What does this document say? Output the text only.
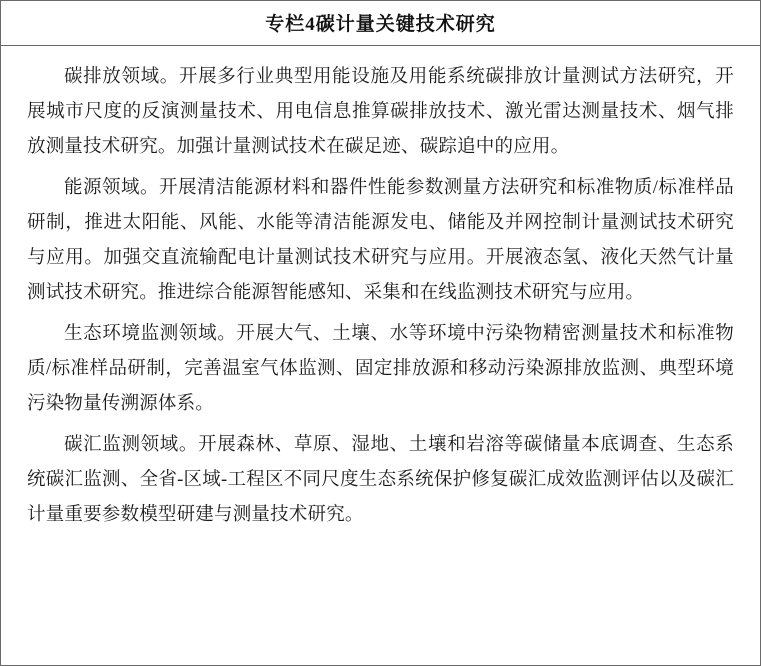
专栏4碳计量关键技术研究

碳排放领域。开展多行业典型用能设施及用能系统碳排放计量测试方法研究，开展城市尺度的反演测量技术、用电信息推算碳排放技术、激光雷达测量技术、烟气排放测量技术研究。加强计量测试技术在碳足迹、碳踪追中的应用。

能源领域。开展清洁能源材料和器件性能参数测量方法研究和标准物质/标准样品研制，推进太阳能、风能、水能等清洁能源发电、储能及并网控制计量测试技术研究与应用。加强交直流输配电计量测试技术研究与应用。开展液态氢、液化天然气计量测试技术研究。推进综合能源智能感知、采集和在线监测技术研究与应用。

生态环境监测领域。开展大气、土壤、水等环境中污染物精密测量技术和标准物质/标准样品研制，完善温室气体监测、固定排放源和移动污染源排放监测、典型环境污染物量传溯源体系。

碳汇监测领域。开展森林、草原、湿地、土壤和岩溶等碳储量本底调查、生态系统碳汇监测、全省-区域-工程区不同尺度生态系统保护修复碳汇成效监测评估以及碳汇计量重要参数模型研建与测量技术研究。
